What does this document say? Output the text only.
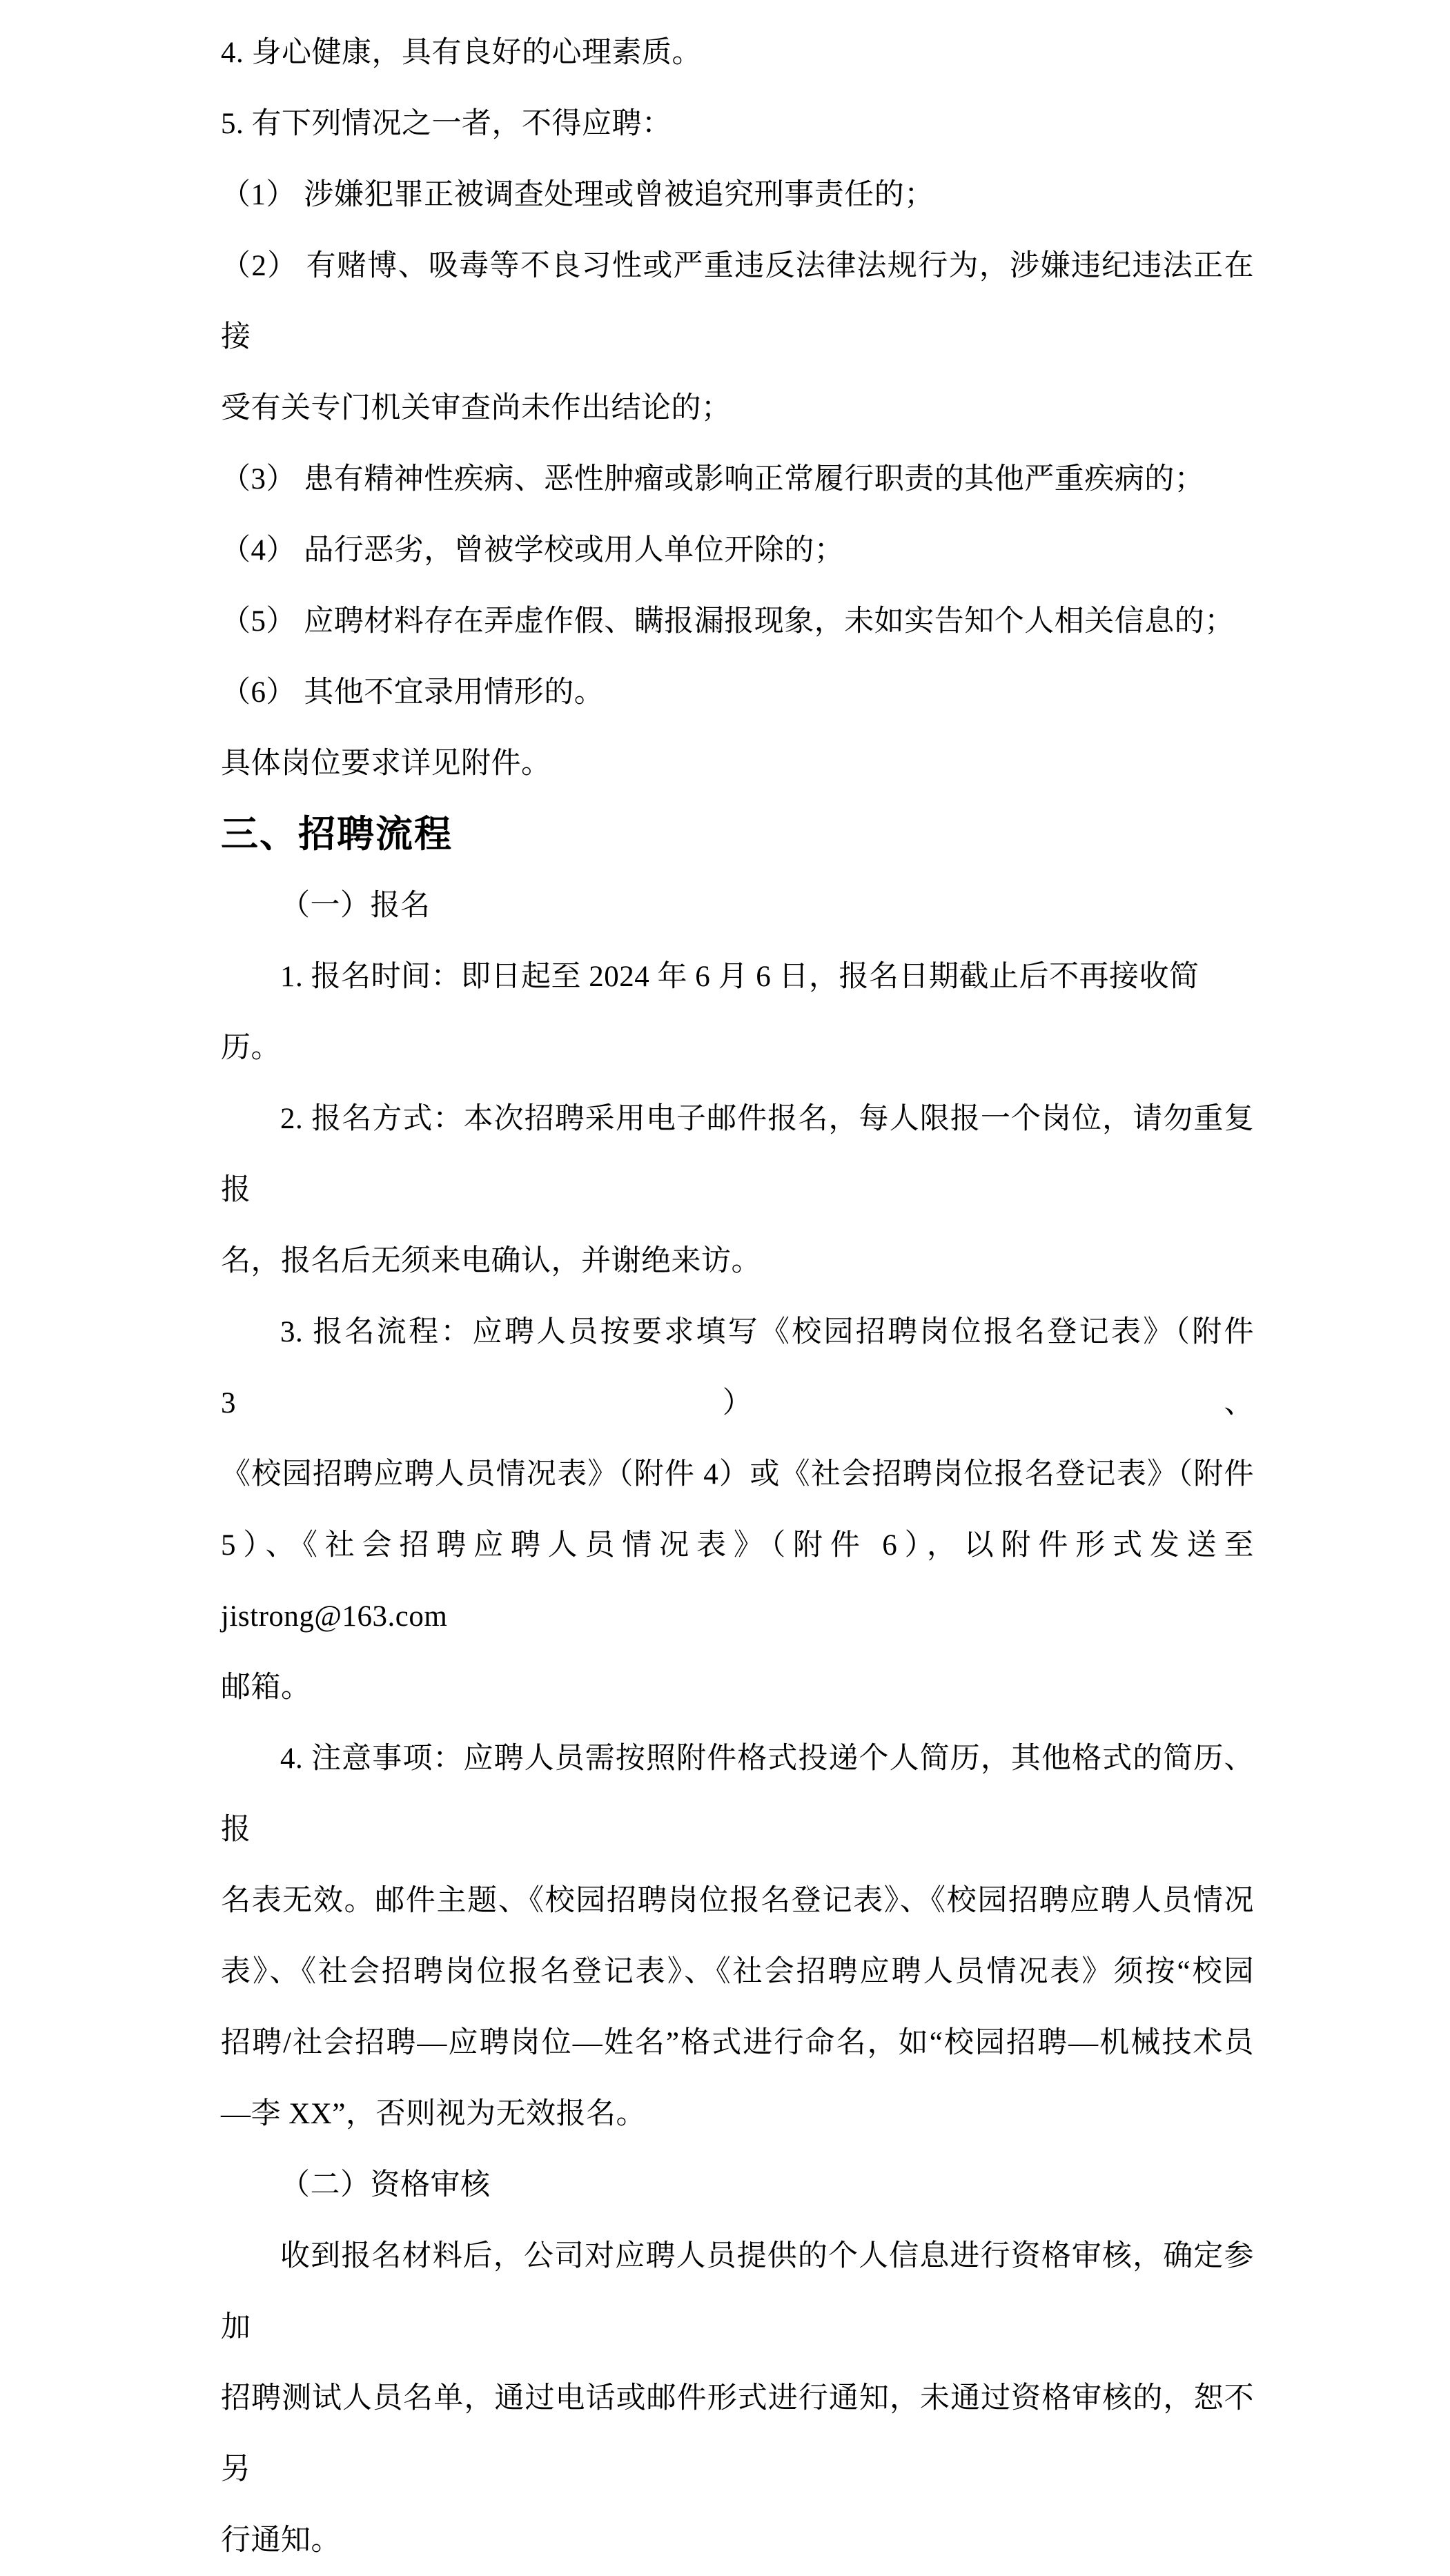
4. 身心健康，具有良好的心理素质。
5. 有下列情况之一者，不得应聘：
（1） 涉嫌犯罪正被调查处理或曾被追究刑事责任的；
（2） 有赌博、吸毒等不良习性或严重违反法律法规行为，涉嫌违纪违法正在接
受有关专门机关审查尚未作出结论的；
（3） 患有精神性疾病、恶性肿瘤或影响正常履行职责的其他严重疾病的；
（4） 品行恶劣，曾被学校或用人单位开除的；
（5） 应聘材料存在弄虚作假、瞒报漏报现象，未如实告知个人相关信息的；
（6） 其他不宜录用情形的。
具体岗位要求详见附件。
三、招聘流程
（一）报名
1. 报名时间：即日起至 2024 年 6 月 6 日，报名日期截止后不再接收简历。
2. 报名方式：本次招聘采用电子邮件报名，每人限报一个岗位，请勿重复报
名，报名后无须来电确认，并谢绝来访。
3. 报名流程：应聘人员按要求填写《校园招聘岗位报名登记表》（附件 3）、
《校园招聘应聘人员情况表》（附件 4）或《社会招聘岗位报名登记表》（附件
5）、《社会招聘应聘人员情况表》（附件 6），以附件形式发送至 jistrong@163.com
邮箱。
4. 注意事项：应聘人员需按照附件格式投递个人简历，其他格式的简历、报
名表无效。邮件主题、《校园招聘岗位报名登记表》、《校园招聘应聘人员情况
表》、《社会招聘岗位报名登记表》、《社会招聘应聘人员情况表》须按“校园
招聘/社会招聘—应聘岗位—姓名”格式进行命名，如“校园招聘—机械技术员
—李 XX”，否则视为无效报名。
（二）资格审核
收到报名材料后，公司对应聘人员提供的个人信息进行资格审核，确定参加
招聘测试人员名单，通过电话或邮件形式进行通知，未通过资格审核的，恕不另
行通知。
